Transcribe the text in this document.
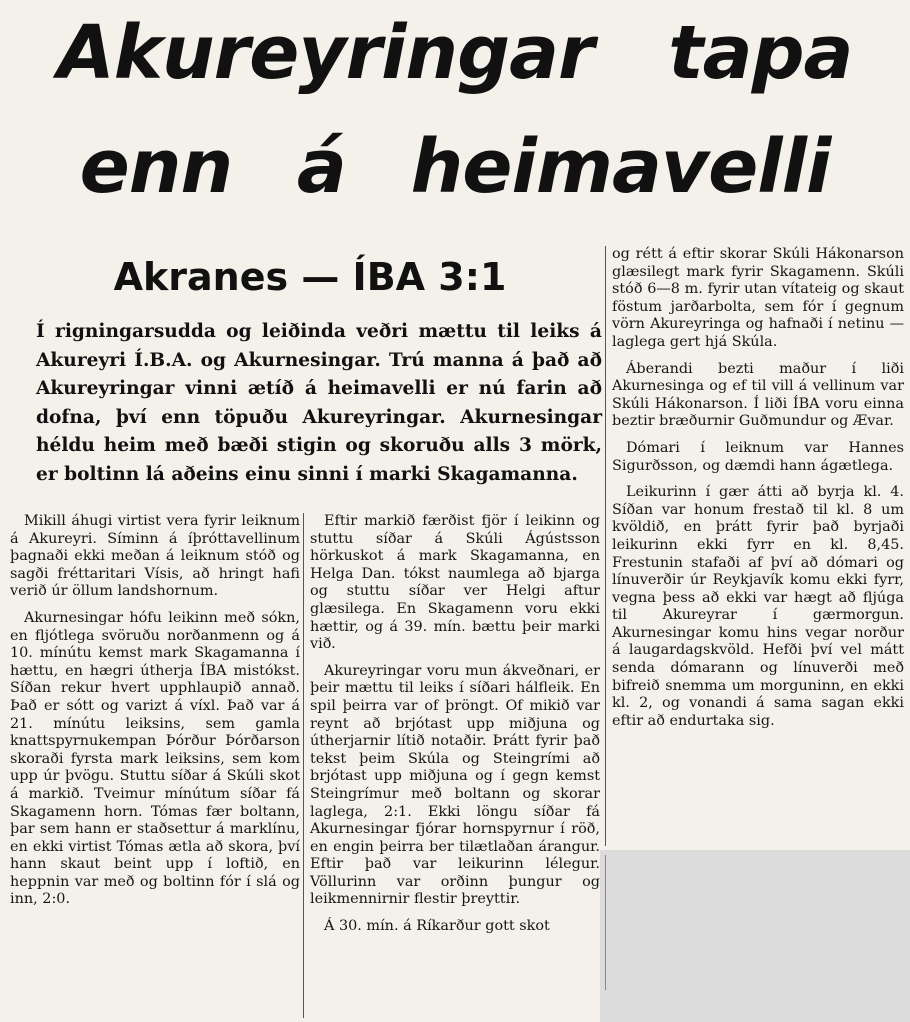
Akureyringar tapa
enn á heimavelli
Akranes — ÍBA 3:1

Í rigningarsudda og leiðinda veðri mættu til leiks á Akureyri Í.B.A. og Akurnesingar. Trú manna á það að Akureyringar vinni ætíð á heimavelli er nú farin að dofna, því enn töpuðu Akureyringar. Akurnesingar héldu heim með bæði stigin og skoruðu alls 3 mörk, er boltinn lá aðeins einu sinni í marki Skagamanna.

Mikill áhugi virtist vera fyrir leiknum á Akureyri. Síminn á íþróttavellinum þagnaði ekki meðan á leiknum stóð og sagði fréttaritari Vísis, að hringt hafi verið úr öllum landshornum.

Akurnesingar hófu leikinn með sókn, en fljótlega svöruðu norðanmenn og á 10. mínútu kemst mark Skagamanna í hættu, en hægri útherja ÍBA mistókst. Síðan rekur hvert upphlaupið annað. Það er sótt og varizt á víxl. Það var á 21. mínútu leiksins, sem gamla knattspyrnukempan Þórður Þórðarson skoraði fyrsta mark leiksins, sem kom upp úr þvögu. Stuttu síðar á Skúli skot á markið. Tveimur mínútum síðar fá Skagamenn horn. Tómas fær boltann, þar sem hann er staðsettur á marklínu, en ekki virtist Tómas ætla að skora, því hann skaut beint upp í loftið, en heppnin var með og boltinn fór í slá og inn, 2:0.

Eftir markið færðist fjör í leikinn og stuttu síðar á Skúli Ágústsson hörkuskot á mark Skagamanna, en Helga Dan. tókst naumlega að bjarga og stuttu síðar ver Helgi aftur glæsilega. En Skagamenn voru ekki hættir, og á 39. mín. bættu þeir marki við.

Akureyringar voru mun ákveðnari, er þeir mættu til leiks í síðari hálfleik. En spil þeirra var of þröngt. Of mikið var reynt að brjótast upp miðjuna og útherjarnir lítið notaðir. Þrátt fyrir það tekst þeim Skúla og Steingrími að brjótast upp miðjuna og í gegn kemst Steingrímur með boltann og skorar laglega, 2:1. Ekki löngu síðar fá Akurnesingar fjórar hornspyrnur í röð, en engin þeirra ber tilætlaðan árangur. Eftir það var leikurinn lélegur. Völlurinn var orðinn þungur og leikmennirnir flestir þreyttir.

Á 30. mín. á Ríkarður gott skot

og rétt á eftir skorar Skúli Hákonarson glæsilegt mark fyrir Skagamenn. Skúli stóð 6—8 m. fyrir utan vítateig og skaut föstum jarðarbolta, sem fór í gegnum vörn Akureyringa og hafnaði í netinu — laglega gert hjá Skúla.

Áberandi bezti maður í liði Akurnesinga og ef til vill á vellinum var Skúli Hákonarson. Í liði ÍBA voru einna beztir bræðurnir Guðmundur og Ævar.

Dómari í leiknum var Hannes Sigurðsson, og dæmdi hann ágætlega.

Leikurinn í gær átti að byrja kl. 4. Síðan var honum frestað til kl. 8 um kvöldið, en þrátt fyrir það byrjaði leikurinn ekki fyrr en kl. 8,45. Frestunin stafaði af því að dómari og línuverðir úr Reykjavík komu ekki fyrr, vegna þess að ekki var hægt að fljúga til Akureyrar í gærmorgun. Akurnesingar komu hins vegar norður á laugardagskvöld. Hefði því vel mátt senda dómarann og línuverði með bifreið snemma um morguninn, en ekki kl. 2, og vonandi á sama sagan ekki eftir að endurtaka sig.
